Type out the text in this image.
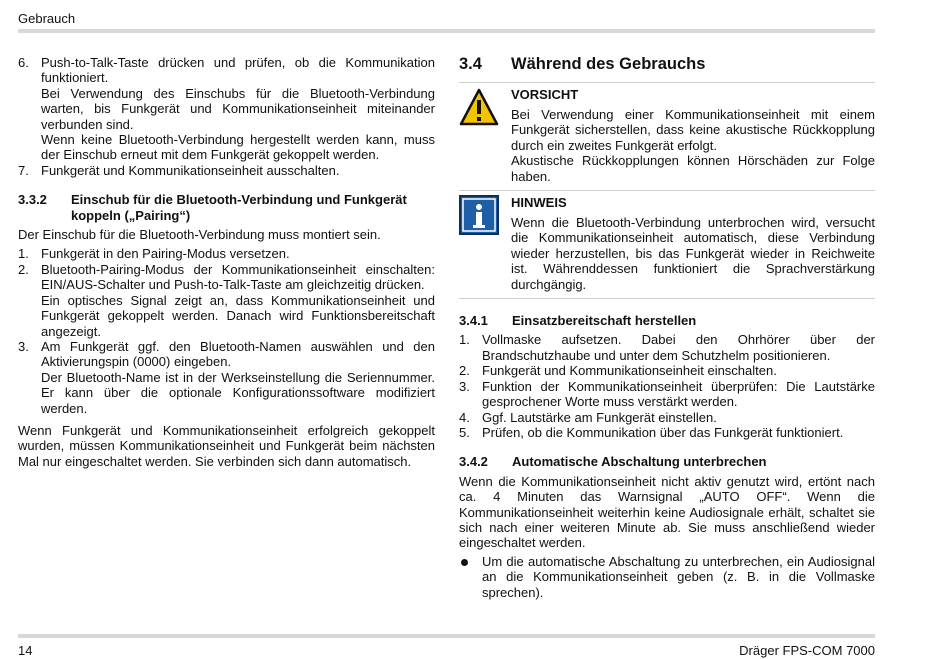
Gebrauch
6. Push-to-Talk-Taste drücken und prüfen, ob die Kommunikation funktioniert.

Bei Verwendung des Einschubs für die Bluetooth-Verbindung warten, bis Funkgerät und Kommunikationseinheit miteinander verbunden sind.

Wenn keine Bluetooth-Verbindung hergestellt werden kann, muss der Einschub erneut mit dem Funkgerät gekoppelt werden.

7. Funkgerät und Kommunikationseinheit ausschalten.

3.3.2	Einschub für die Bluetooth-Verbindung und Funkgerät koppeln („Pairing“)

Der Einschub für die Bluetooth-Verbindung muss montiert sein.

1. Funkgerät in den Pairing-Modus versetzen.

2. Bluetooth-Pairing-Modus der Kommunikationseinheit einschalten: EIN/AUS-Schalter und Push-to-Talk-Taste am gleichzeitig drücken.

Ein optisches Signal zeigt an, dass Kommunikationseinheit und Funkgerät gekoppelt werden. Danach wird Funktionsbereitschaft angezeigt.

3. Am Funkgerät ggf. den Bluetooth-Namen auswählen und den Aktivierungspin (0000) eingeben.

Der Bluetooth-Name ist in der Werkseinstellung die Seriennummer. Er kann über die optionale Konfigurationssoftware modifiziert werden.

Wenn Funkgerät und Kommunikationseinheit erfolgreich gekoppelt wurden, müssen Kommunikationseinheit und Funkgerät beim nächsten Mal nur eingeschaltet werden. Sie verbinden sich dann automatisch.

3.4	Während des Gebrauchs
VORSICHT

Bei Verwendung einer Kommunikationseinheit mit einem Funkgerät sicherstellen, dass keine akustische Rückkopplung durch ein zweites Funkgerät erfolgt.

Akustische Rückkopplungen können Hörschäden zur Folge haben.

HINWEIS

Wenn die Bluetooth-Verbindung unterbrochen wird, versucht die Kommunikationseinheit automatisch, diese Verbindung wieder herzustellen, bis das Funkgerät wieder in Reichweite ist. Währenddessen funktioniert die Sprachverstärkung durchgängig.

3.4.1	Einsatzbereitschaft herstellen
1. Vollmaske aufsetzen. Dabei den Ohrhörer über der Brandschutzhaube und unter dem Schutzhelm positionieren.

2. Funkgerät und Kommunikationseinheit einschalten.

3. Funktion der Kommunikationseinheit überprüfen: Die Lautstärke gesprochener Worte muss verstärkt werden.

4. Ggf. Lautstärke am Funkgerät einstellen.

5. Prüfen, ob die Kommunikation über das Funkgerät funktioniert.

3.4.2	Automatische Abschaltung unterbrechen

Wenn die Kommunikationseinheit nicht aktiv genutzt wird, ertönt nach ca. 4 Minuten das Warnsignal „AUTO OFF“. Wenn die Kommunikationseinheit weiterhin keine Audiosignale erhält, schaltet sie sich nach einer weiteren Minute ab. Sie muss anschließend wieder eingeschaltet werden.

Um die automatische Abschaltung zu unterbrechen, ein Audiosignal an die Kommunikationseinheit geben (z. B. in die Vollmaske sprechen).
14	Dräger FPS-COM 7000
